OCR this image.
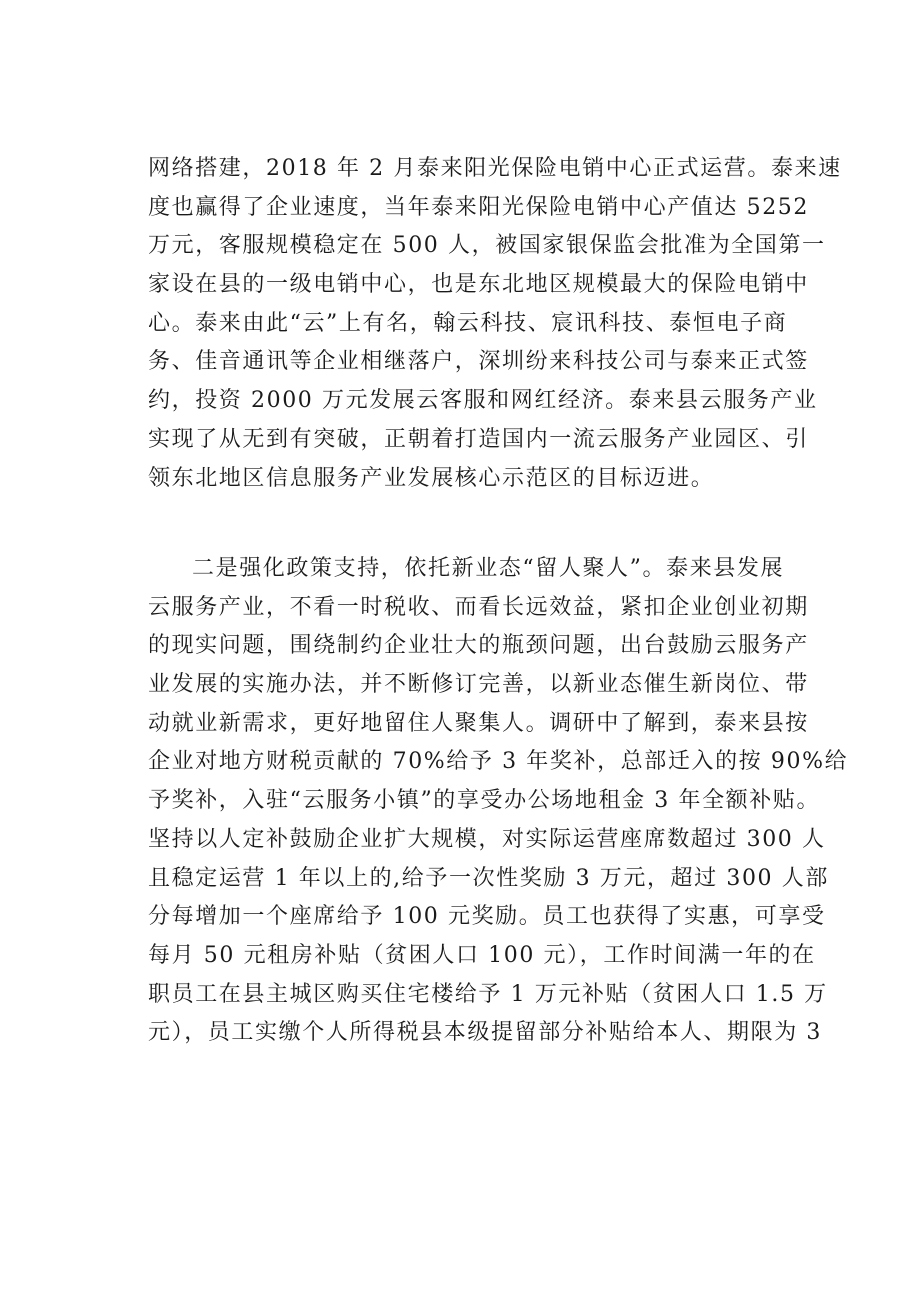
网络搭建，2018 年 2 月泰来阳光保险电销中心正式运营。泰来速
度也赢得了企业速度，当年泰来阳光保险电销中心产值达 5252
万元，客服规模稳定在 500 人，被国家银保监会批准为全国第一
家设在县的一级电销中心，也是东北地区规模最大的保险电销中
心。泰来由此“云”上有名，翰云科技、宸讯科技、泰恒电子商
务、佳音通讯等企业相继落户，深圳纷来科技公司与泰来正式签
约，投资 2000 万元发展云客服和网红经济。泰来县云服务产业
实现了从无到有突破，正朝着打造国内一流云服务产业园区、引
领东北地区信息服务产业发展核心示范区的目标迈进。
二是强化政策支持，依托新业态“留人聚人”。泰来县发展
云服务产业，不看一时税收、而看长远效益，紧扣企业创业初期
的现实问题，围绕制约企业壮大的瓶颈问题，出台鼓励云服务产
业发展的实施办法，并不断修订完善，以新业态催生新岗位、带
动就业新需求，更好地留住人聚集人。调研中了解到，泰来县按
企业对地方财税贡献的 70%给予 3 年奖补，总部迁入的按 90%给
予奖补，入驻“云服务小镇”的享受办公场地租金 3 年全额补贴。
坚持以人定补鼓励企业扩大规模，对实际运营座席数超过 300 人
且稳定运营 1 年以上的,给予一次性奖励 3 万元，超过 300 人部
分每增加一个座席给予 100 元奖励。员工也获得了实惠，可享受
每月 50 元租房补贴（贫困人口 100 元），工作时间满一年的在
职员工在县主城区购买住宅楼给予 1 万元补贴（贫困人口 1.5 万
元），员工实缴个人所得税县本级提留部分补贴给本人、期限为 3
